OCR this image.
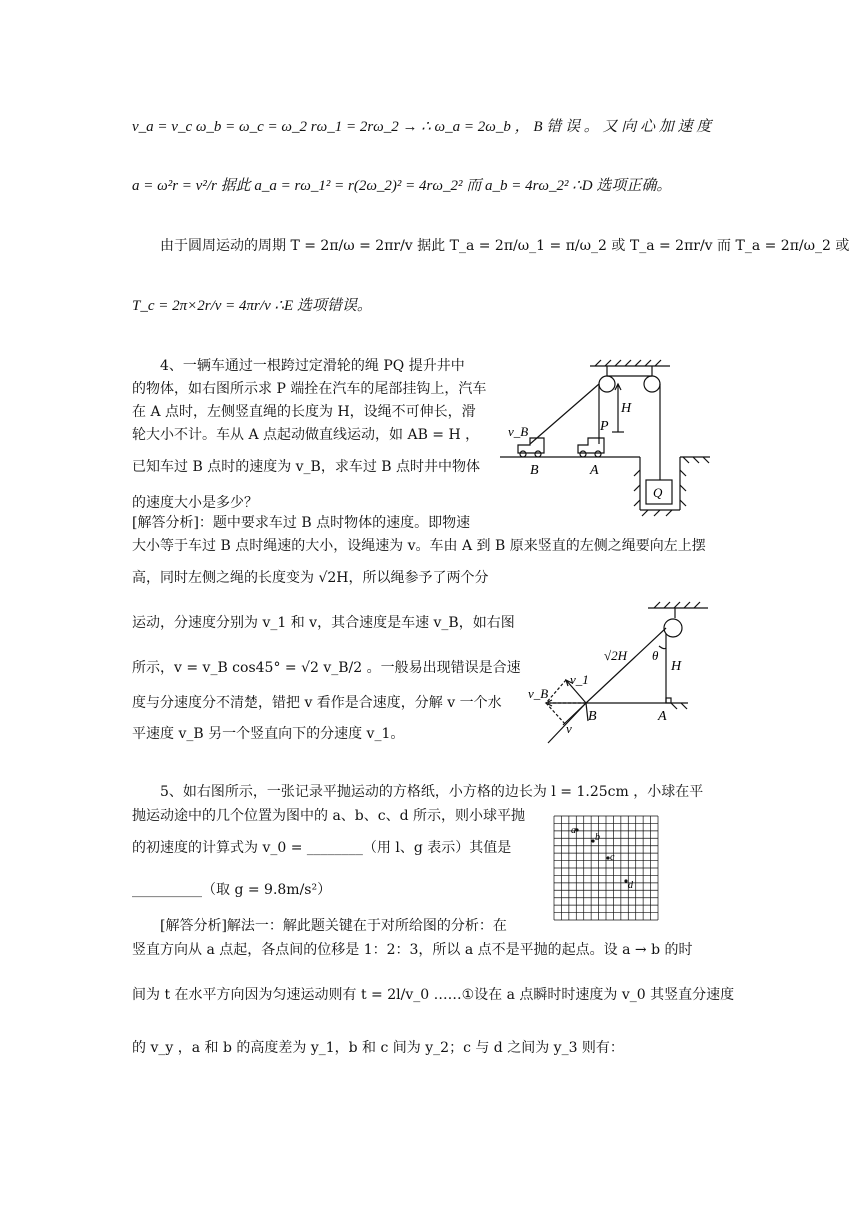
v_a = v_c ω_b = ω_c = ω_2 rω_1 = 2rω_2 → ∴ ω_a = 2ω_b ， B 错 误 。 又 向 心 加 速 度
a = ω²r = v²/r 据此 a_a = rω_1² = r(2ω_2)² = 4rω_2² 而 a_b = 4rω_2² ∴D 选项正确。
由于圆周运动的周期 T = 2π/ω = 2πr/v 据此 T_a = 2π/ω_1 = π/ω_2 或 T_a = 2πr/v 而 T_a = 2π/ω_2 或
T_c = 2π×2r/v = 4πr/v ∴E 选项错误。
4、一辆车通过一根跨过定滑轮的绳 PQ 提升井中
的物体，如右图所示求 P 端拴在汽车的尾部挂钩上，汽车
在 A 点时，左侧竖直绳的长度为 H，设绳不可伸长，滑
轮大小不计。车从 A 点起动做直线运动，如 AB = H ，
已知车过 B 点时的速度为 v_B，求车过 B 点时井中物体
的速度大小是多少？
[解答分析]：题中要求车过 B 点时物体的速度。即物速
大小等于车过 B 点时绳速的大小，设绳速为 v。车由 A 到 B 原来竖直的左侧之绳要向左上摆
高，同时左侧之绳的长度变为 √2H，所以绳参予了两个分
运动，分速度分别为 v_1 和 v，其合速度是车速 v_B，如右图
所示，v = v_B cos45° = √2 v_B/2 。一般易出现错误是合速
度与分速度分不清楚，错把 v 看作是合速度，分解 v 一个水
平速度 v_B 另一个竖直向下的分速度 v_1。
5、如右图所示，一张记录平抛运动的方格纸，小方格的边长为 l = 1.25cm ，小球在平
抛运动途中的几个位置为图中的 a、b、c、d 所示，则小球平抛
的初速度的计算式为 v_0 = ________（用 l、g 表示）其值是
__________（取 g = 9.8m/s²）
[解答分析]解法一：解此题关键在于对所给图的分析：在
竖直方向从 a 点起，各点间的位移是 1：2：3，所以 a 点不是平抛的起点。设 a → b 的时
间为 t 在水平方向因为匀速运动则有 t = 2l/v_0 ……①设在 a 点瞬时时速度为 v_0 其竖直分速度
的 v_y ，a 和 b 的高度差为 y_1，b 和 c 间为 y_2；c 与 d 之间为 y_3 则有：
v_B
B	A
P
H
Q
√2H θ
H
v_1
v_B
B	A
v
a
b
c
d
